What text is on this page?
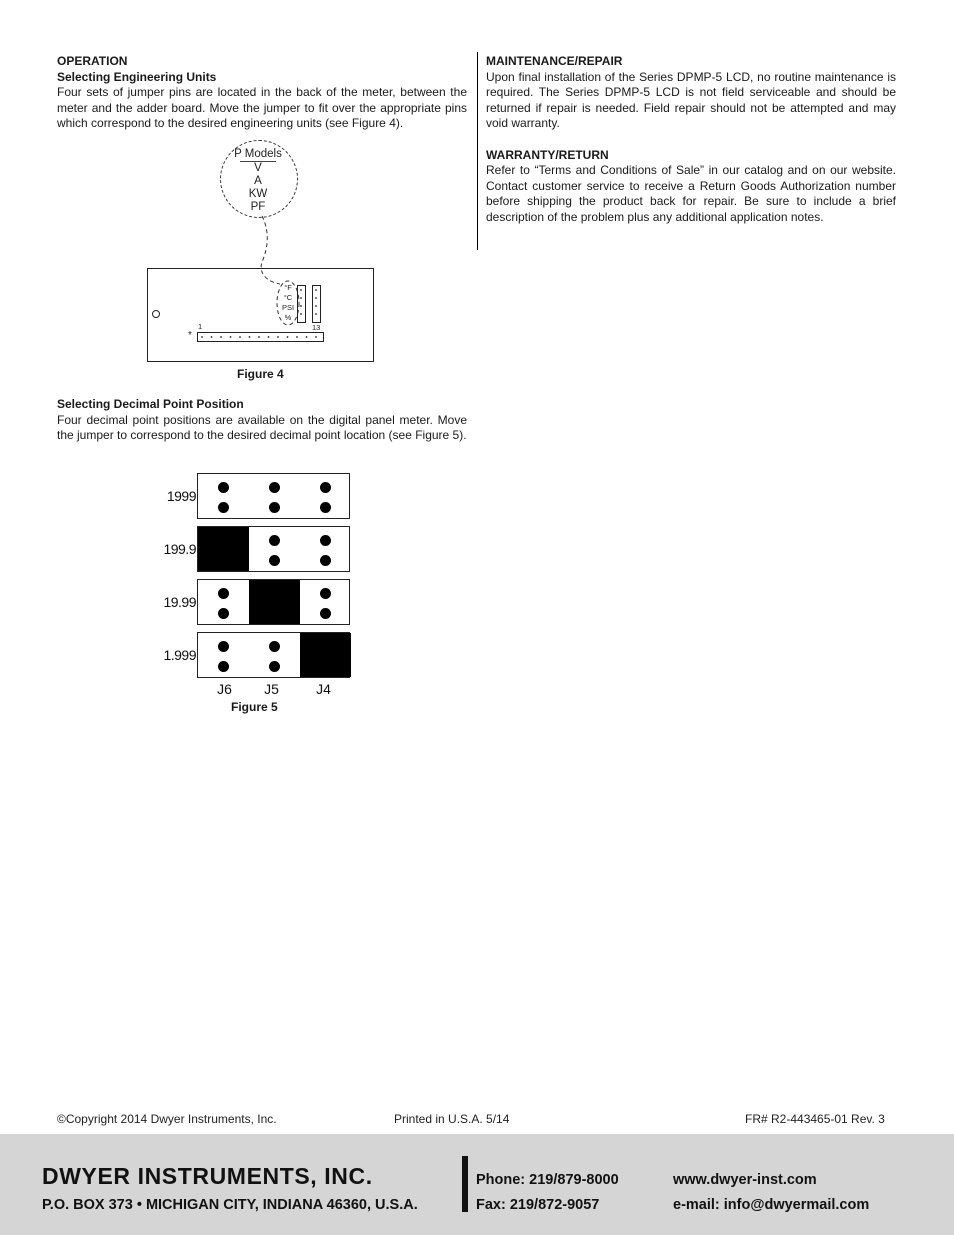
OPERATION
Selecting Engineering Units

Four sets of jumper pins are located in the back of the meter, between the meter and the adder board. Move the jumper to fit over the appropriate pins which correspond to the desired engineering units (see Figure 4).

P Models
V
A
KW
PF
°F
°C
PSI
%
1	13
*
Figure 4
Selecting Decimal Point Position

Four decimal point positions are available on the digital panel meter. Move the jumper to correspond to the desired decimal point location (see Figure 5).

1999
199.9
19.99
1.999
J6	J5	J4
Figure 5
MAINTENANCE/REPAIR

Upon final installation of the Series DPMP-5 LCD, no routine maintenance is required. The Series DPMP-5 LCD is not field serviceable and should be returned if repair is needed. Field repair should not be attempted and may void warranty.

WARRANTY/RETURN

Refer to “Terms and Conditions of Sale” in our catalog and on our website. Contact customer service to receive a Return Goods Authorization number before shipping the product back for repair. Be sure to include a brief description of the problem plus any additional application notes.

©Copyright 2014 Dwyer Instruments, Inc.	Printed in U.S.A. 5/14	FR# R2-443465-01 Rev. 3
DWYER INSTRUMENTS, INC.
P.O. BOX 373 • MICHIGAN CITY, INDIANA 46360, U.S.A.
Phone: 219/879-8000
Fax: 219/872-9057
www.dwyer-inst.com
e-mail: info@dwyermail.com
